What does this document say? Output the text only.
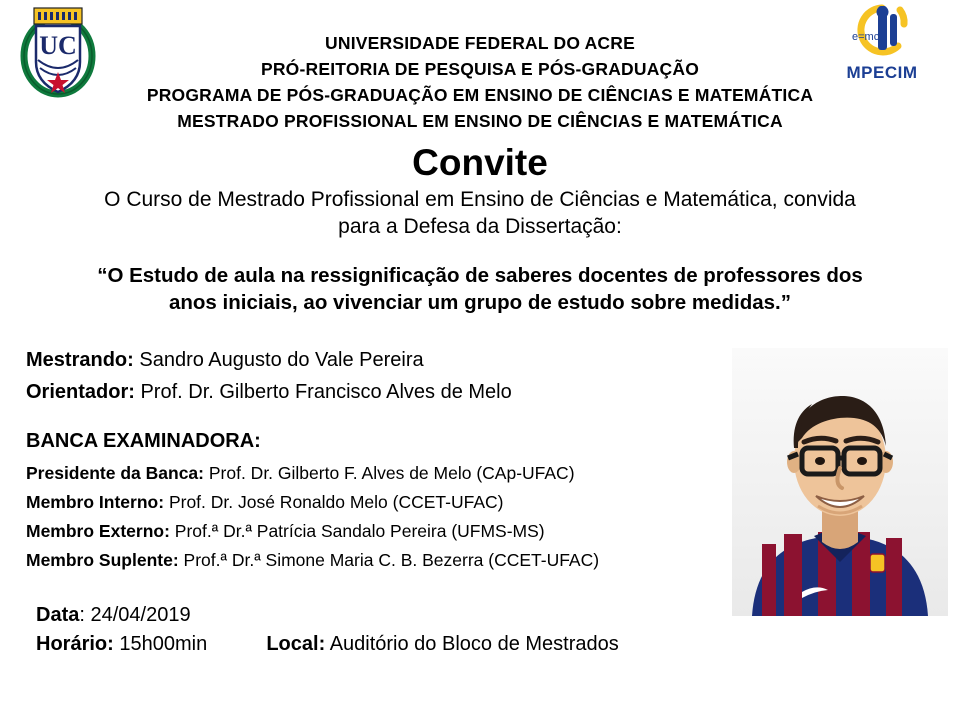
UC	e=mc
MPECIM
UNIVERSIDADE FEDERAL DO ACRE
PRÓ-REITORIA DE PESQUISA E PÓS-GRADUAÇÃO
PROGRAMA DE PÓS-GRADUAÇÃO EM ENSINO DE CIÊNCIAS E MATEMÁTICA
MESTRADO PROFISSIONAL EM ENSINO DE CIÊNCIAS E MATEMÁTICA
Convite
O Curso de Mestrado Profissional em Ensino de Ciências e Matemática, convida
para a Defesa da Dissertação:
“O Estudo de aula na ressignificação de saberes docentes de professores dos
anos iniciais, ao vivenciar um grupo de estudo sobre medidas.”
Mestrando: Sandro Augusto do Vale Pereira
Orientador: Prof. Dr. Gilberto Francisco Alves de Melo
BANCA EXAMINADORA:
Presidente da Banca: Prof. Dr. Gilberto F. Alves de Melo (CAp-UFAC)
Membro Interno: Prof. Dr. José Ronaldo Melo (CCET-UFAC)
Membro Externo: Prof.ª Dr.ª Patrícia Sandalo Pereira (UFMS-MS)
Membro Suplente: Prof.ª Dr.ª Simone Maria C. B. Bezerra (CCET-UFAC)
Data: 24/04/2019
Horário: 15h00min	Local: Auditório do Bloco de Mestrados
